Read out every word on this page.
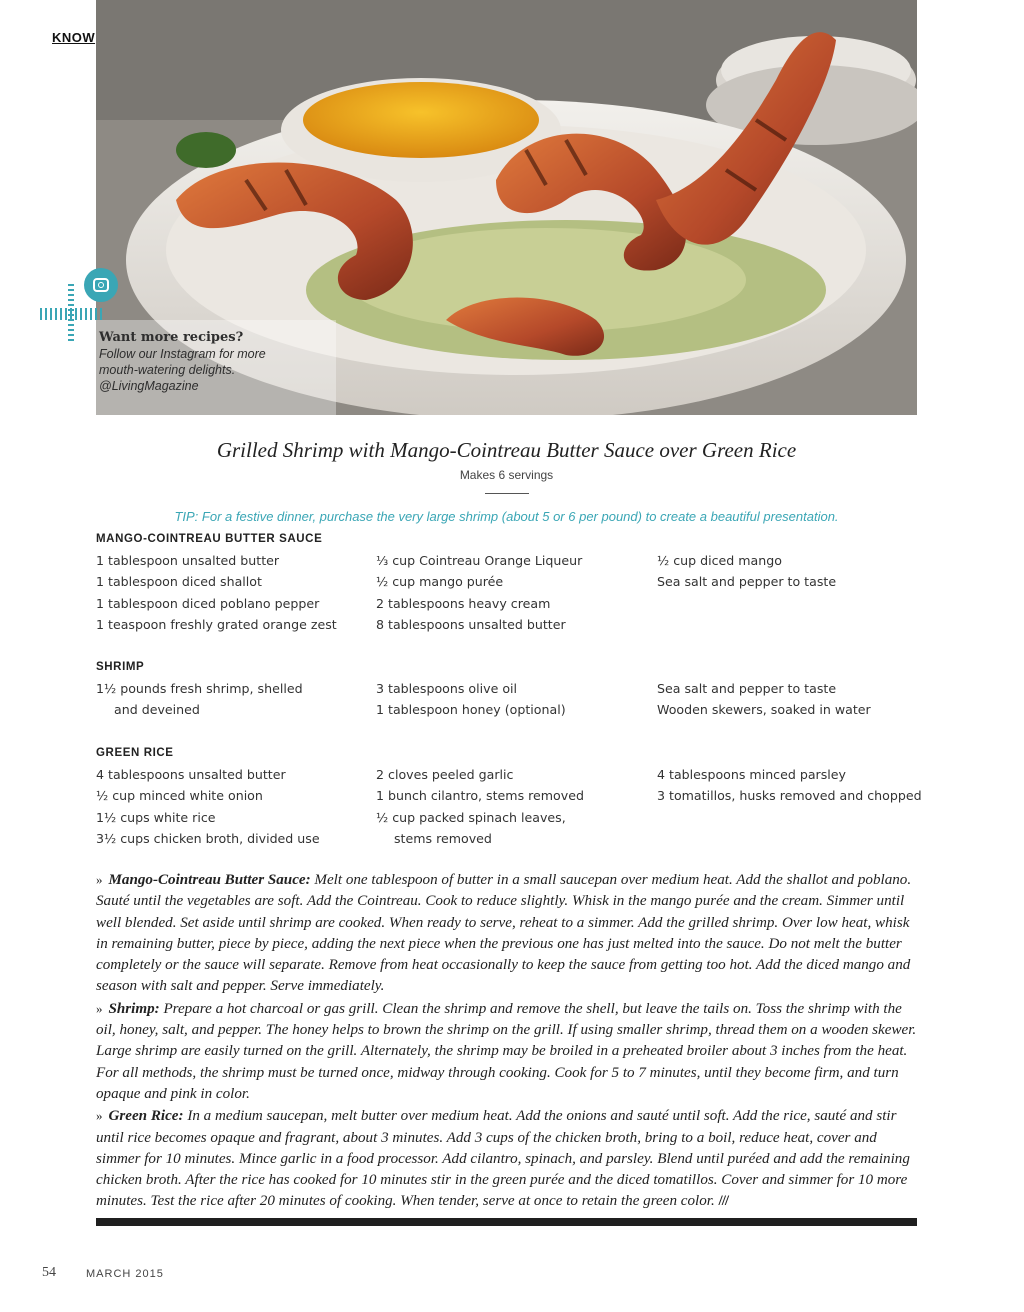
KNOW
Want more recipes?
Follow our Instagram for more
mouth-watering delights.
@LivingMagazine
Grilled Shrimp with Mango-Cointreau Butter Sauce over Green Rice
Makes 6 servings
TIP: For a festive dinner, purchase the very large shrimp (about 5 or 6 per pound) to create a beautiful presentation.
MANGO-COINTREAU BUTTER SAUCE
1 tablespoon unsalted butter
1 tablespoon diced shallot
1 tablespoon diced poblano pepper
1 teaspoon freshly grated orange zest
⅓ cup Cointreau Orange Liqueur
½ cup mango purée
2 tablespoons heavy cream
8 tablespoons unsalted butter
½ cup diced mango
Sea salt and pepper to taste
SHRIMP
1½ pounds fresh shrimp, shelled
and deveined
3 tablespoons olive oil
1 tablespoon honey (optional)
Sea salt and pepper to taste
Wooden skewers, soaked in water
GREEN RICE
4 tablespoons unsalted butter
½ cup minced white onion
1½ cups white rice
3½ cups chicken broth, divided use
2 cloves peeled garlic
1 bunch cilantro, stems removed
½ cup packed spinach leaves,
stems removed
4 tablespoons minced parsley
3 tomatillos, husks removed and chopped

» Mango-Cointreau Butter Sauce: Melt one tablespoon of butter in a small saucepan over medium heat. Add the shallot and poblano. Sauté until the vegetables are soft. Add the Cointreau. Cook to reduce slightly. Whisk in the mango purée and the cream. Simmer until well blended. Set aside until shrimp are cooked. When ready to serve, reheat to a simmer. Add the grilled shrimp. Over low heat, whisk in remaining butter, piece by piece, adding the next piece when the previous one has just melted into the sauce. Do not melt the butter completely or the sauce will separate. Remove from heat occasionally to keep the sauce from getting too hot. Add the diced mango and season with salt and pepper. Serve immediately.

» Shrimp: Prepare a hot charcoal or gas grill. Clean the shrimp and remove the shell, but leave the tails on. Toss the shrimp with the oil, honey, salt, and pepper. The honey helps to brown the shrimp on the grill. If using smaller shrimp, thread them on a wooden skewer. Large shrimp are easily turned on the grill. Alternately, the shrimp may be broiled in a preheated broiler about 3 inches from the heat. For all methods, the shrimp must be turned once, midway through cooking. Cook for 5 to 7 minutes, until they become firm, and turn opaque and pink in color.

» Green Rice: In a medium saucepan, melt butter over medium heat. Add the onions and sauté until soft. Add the rice, sauté and stir until rice becomes opaque and fragrant, about 3 minutes. Add 3 cups of the chicken broth, bring to a boil, reduce heat, cover and simmer for 10 minutes. Mince garlic in a food processor. Add cilantro, spinach, and parsley. Blend until puréed and add the remaining chicken broth. After the rice has cooked for 10 minutes stir in the green purée and the diced tomatillos. Cover and simmer for 10 more minutes. Test the rice after 20 minutes of cooking. When tender, serve at once to retain the green color. ///

54	MARCH 2015
